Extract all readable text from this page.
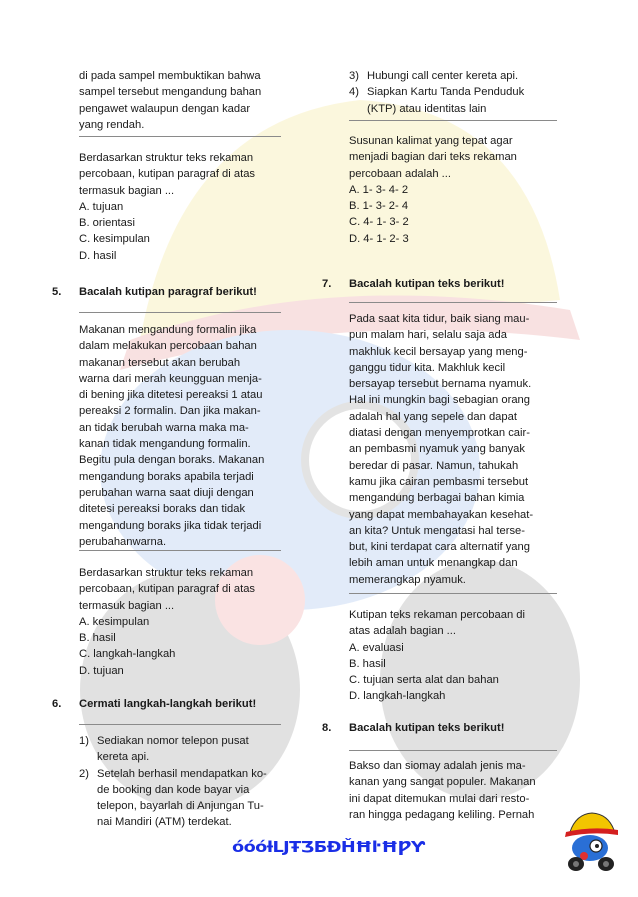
di pada sampel membuktikan bahwa
sampel tersebut mengandung bahan
pengawet walaupun dengan kadar
yang rendah.
Berdasarkan struktur teks rekaman
percobaan, kutipan paragraf di atas
termasuk bagian ...
A. tujuan
B. orientasi
C. kesimpulan
D. hasil
5. Bacalah kutipan paragraf berikut!
Makanan mengandung formalin jika
dalam melakukan percobaan bahan
makanan tersebut akan berubah
warna dari merah keungguan menja-
di bening jika ditetesi pereaksi 1 atau
pereaksi 2 formalin. Dan jika makan-
an tidak berubah warna maka ma-
kanan tidak mengandung formalin.
Begitu pula dengan boraks. Makanan
mengandung boraks apabila terjadi
perubahan warna saat diuji dengan
ditetesi pereaksi boraks dan tidak
mengandung boraks jika tidak terjadi
perubahanwarna.
Berdasarkan struktur teks rekaman
percobaan, kutipan paragraf di atas
termasuk bagian ...
A. kesimpulan
B. hasil
C. langkah-langkah
D. tujuan
6. Cermati langkah-langkah berikut!
1) Sediakan nomor telepon pusat
kereta api.
2) Setelah berhasil mendapatkan ko-
de booking dan kode bayar via
telepon, bayarlah di Anjungan Tu-
nai Mandiri (ATM) terdekat.
3) Hubungi call center kereta api.
4) Siapkan Kartu Tanda Penduduk
(KTP) atau identitas lain
Susunan kalimat yang tepat agar
menjadi bagian dari teks rekaman
percobaan adalah ...
A. 1- 3- 4- 2
B. 1- 3- 2- 4
C. 4- 1- 3- 2
D. 4- 1- 2- 3
7. Bacalah kutipan teks berikut!
Pada saat kita tidur, baik siang mau-
pun malam hari, selalu saja ada
makhluk kecil bersayap yang meng-
ganggu tidur kita. Makhluk kecil
bersayap tersebut bernama nyamuk.
Hal ini mungkin bagi sebagian orang
adalah hal yang sepele dan dapat
diatasi dengan menyemprotkan cair-
an pembasmi nyamuk yang banyak
beredar di pasar. Namun, tahukah
kamu jika cairan pembasmi tersebut
mengandung berbagai bahan kimia
yang dapat membahayakan kesehat-
an kita? Untuk mengatasi hal terse-
but, kini terdapat cara alternatif yang
lebih aman untuk menangkap dan
memerangkap nyamuk.
Kutipan teks rekaman percobaan di
atas adalah bagian ...
A. evaluasi
B. hasil
C. tujuan serta alat dan bahan
D. langkah-langkah
8. Bacalah kutipan teks berikut!
Bakso dan siomay adalah jenis ma-
kanan yang sangat populer. Makanan
ini dapat ditemukan mulai dari resto-
ran hingga pedagang keliling. Pernah
óóóƚLJŦƷƂĐȞĦŀĦǷƳ
